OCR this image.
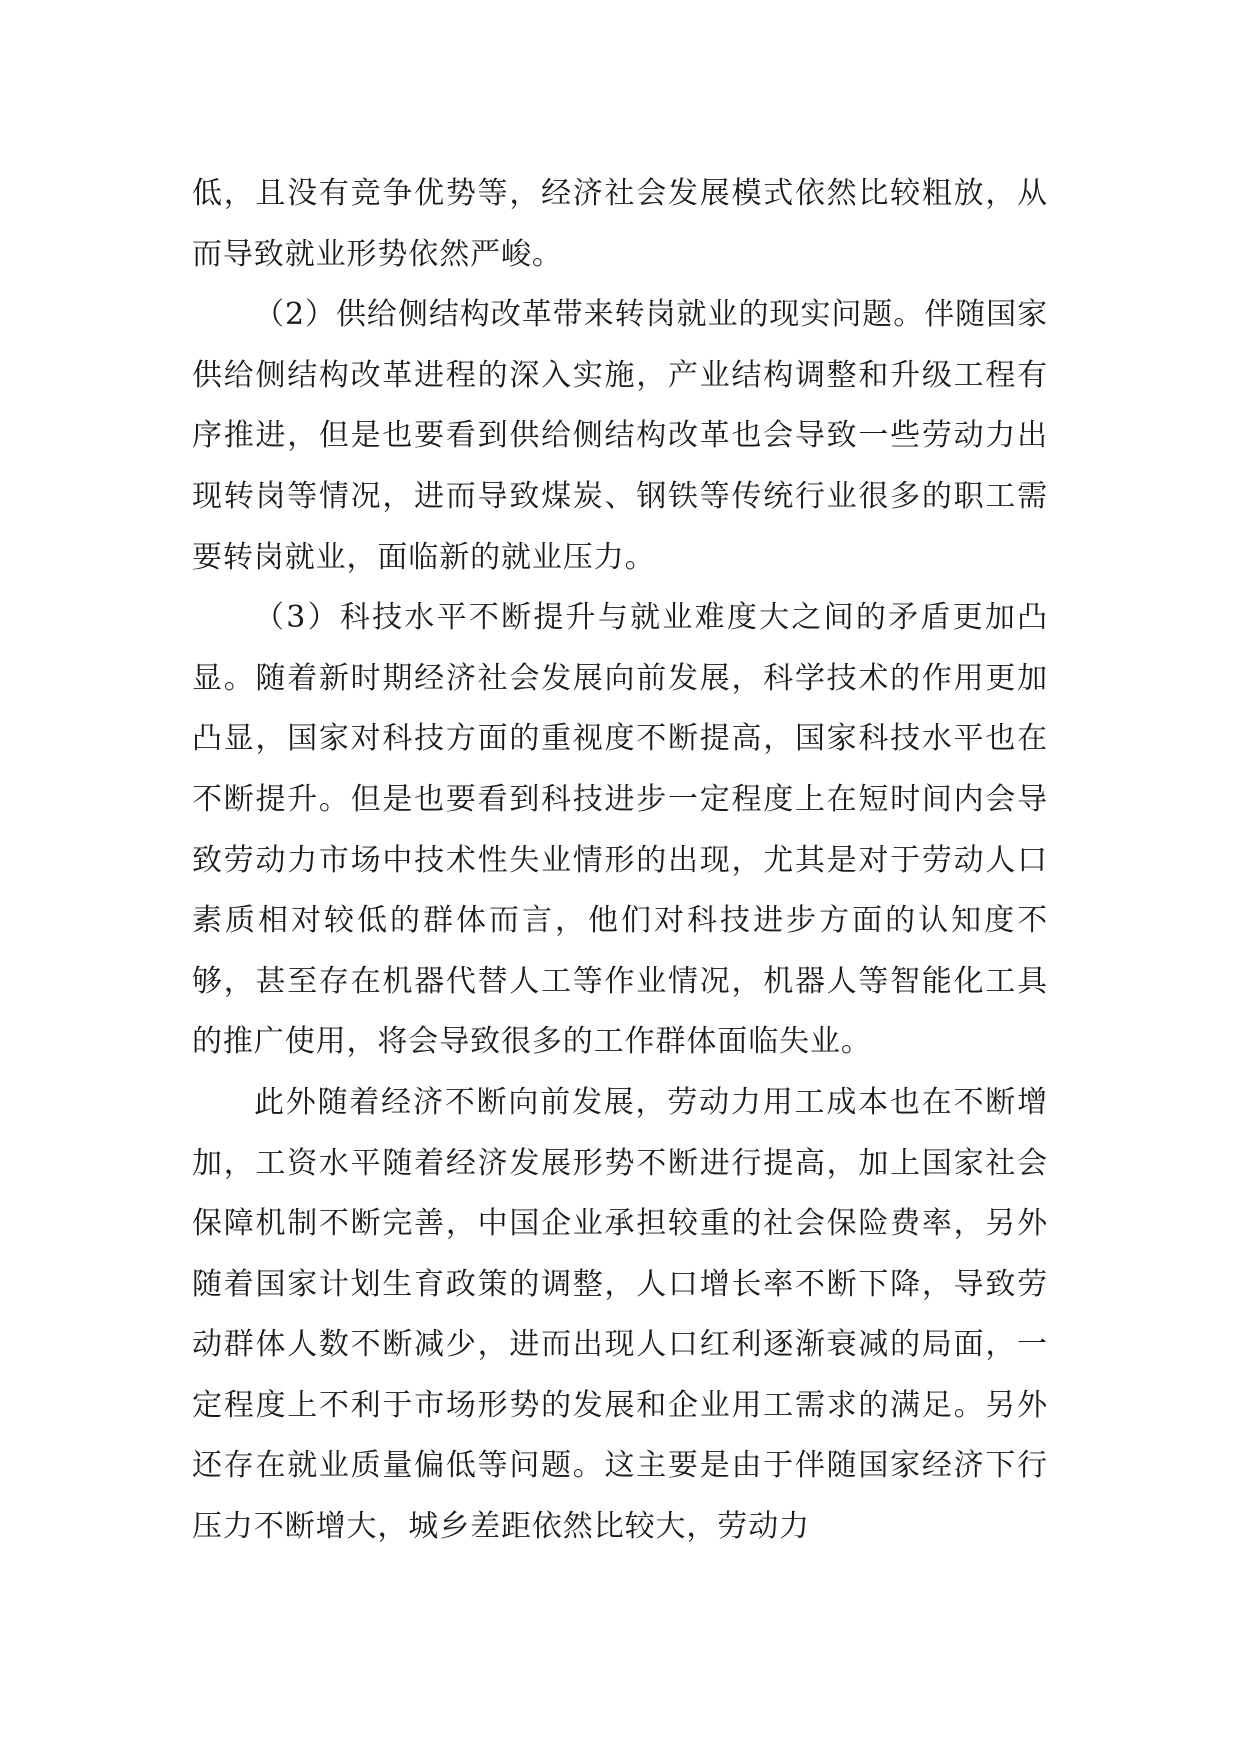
低，且没有竞争优势等，经济社会发展模式依然比较粗放，从而导致就业形势依然严峻。

（2）供给侧结构改革带来转岗就业的现实问题。伴随国家供给侧结构改革进程的深入实施，产业结构调整和升级工程有序推进，但是也要看到供给侧结构改革也会导致一些劳动力出现转岗等情况，进而导致煤炭、钢铁等传统行业很多的职工需要转岗就业，面临新的就业压力。

（3）科技水平不断提升与就业难度大之间的矛盾更加凸显。随着新时期经济社会发展向前发展，科学技术的作用更加凸显，国家对科技方面的重视度不断提高，国家科技水平也在不断提升。但是也要看到科技进步一定程度上在短时间内会导致劳动力市场中技术性失业情形的出现，尤其是对于劳动人口素质相对较低的群体而言，他们对科技进步方面的认知度不够，甚至存在机器代替人工等作业情况，机器人等智能化工具的推广使用，将会导致很多的工作群体面临失业。

此外随着经济不断向前发展，劳动力用工成本也在不断增加，工资水平随着经济发展形势不断进行提高，加上国家社会保障机制不断完善，中国企业承担较重的社会保险费率，另外随着国家计划生育政策的调整，人口增长率不断下降，导致劳动群体人数不断减少，进而出现人口红利逐渐衰减的局面，一定程度上不利于市场形势的发展和企业用工需求的满足。另外还存在就业质量偏低等问题。这主要是由于伴随国家经济下行压力不断增大，城乡差距依然比较大，劳动力
